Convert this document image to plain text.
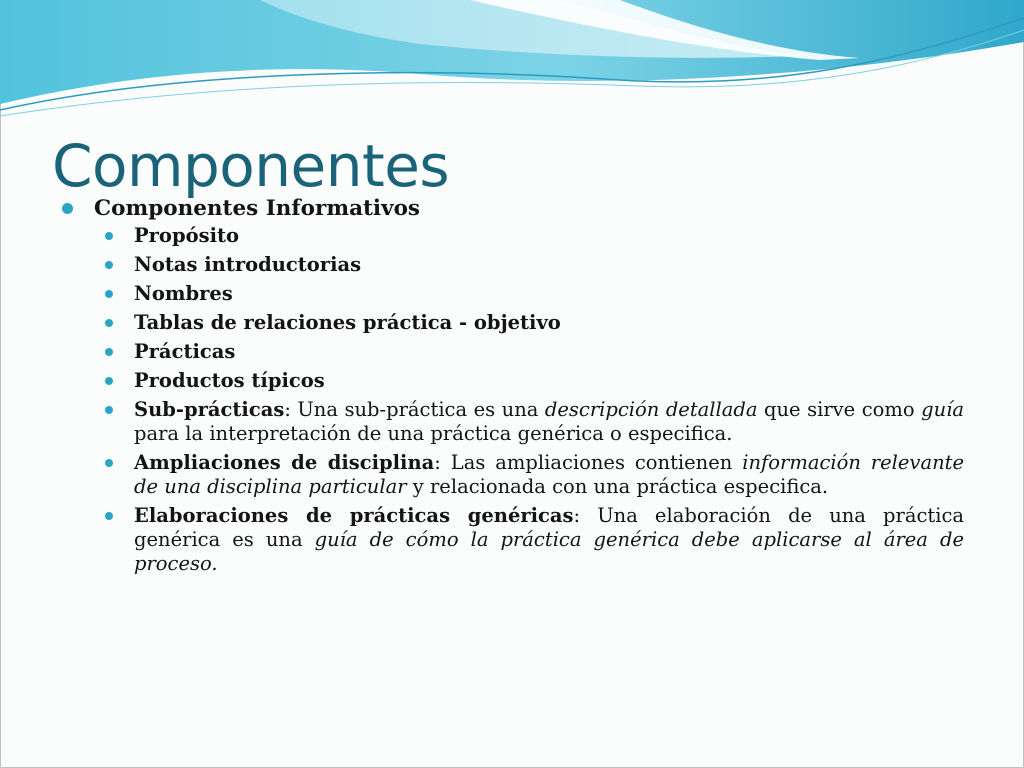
Componentes
Componentes Informativos
Propósito
Notas introductorias
Nombres
Tablas de relaciones práctica - objetivo
Prácticas
Productos típicos
Sub-prácticas: Una sub-práctica es una descripción detallada que sirve como guía para la interpretación de una práctica genérica o especifica.
Ampliaciones de disciplina: Las ampliaciones contienen información relevante de una disciplina particular y relacionada con una práctica especifica.
Elaboraciones de prácticas genéricas: Una elaboración de una práctica genérica es una guía de cómo la práctica genérica debe aplicarse al área de proceso.
